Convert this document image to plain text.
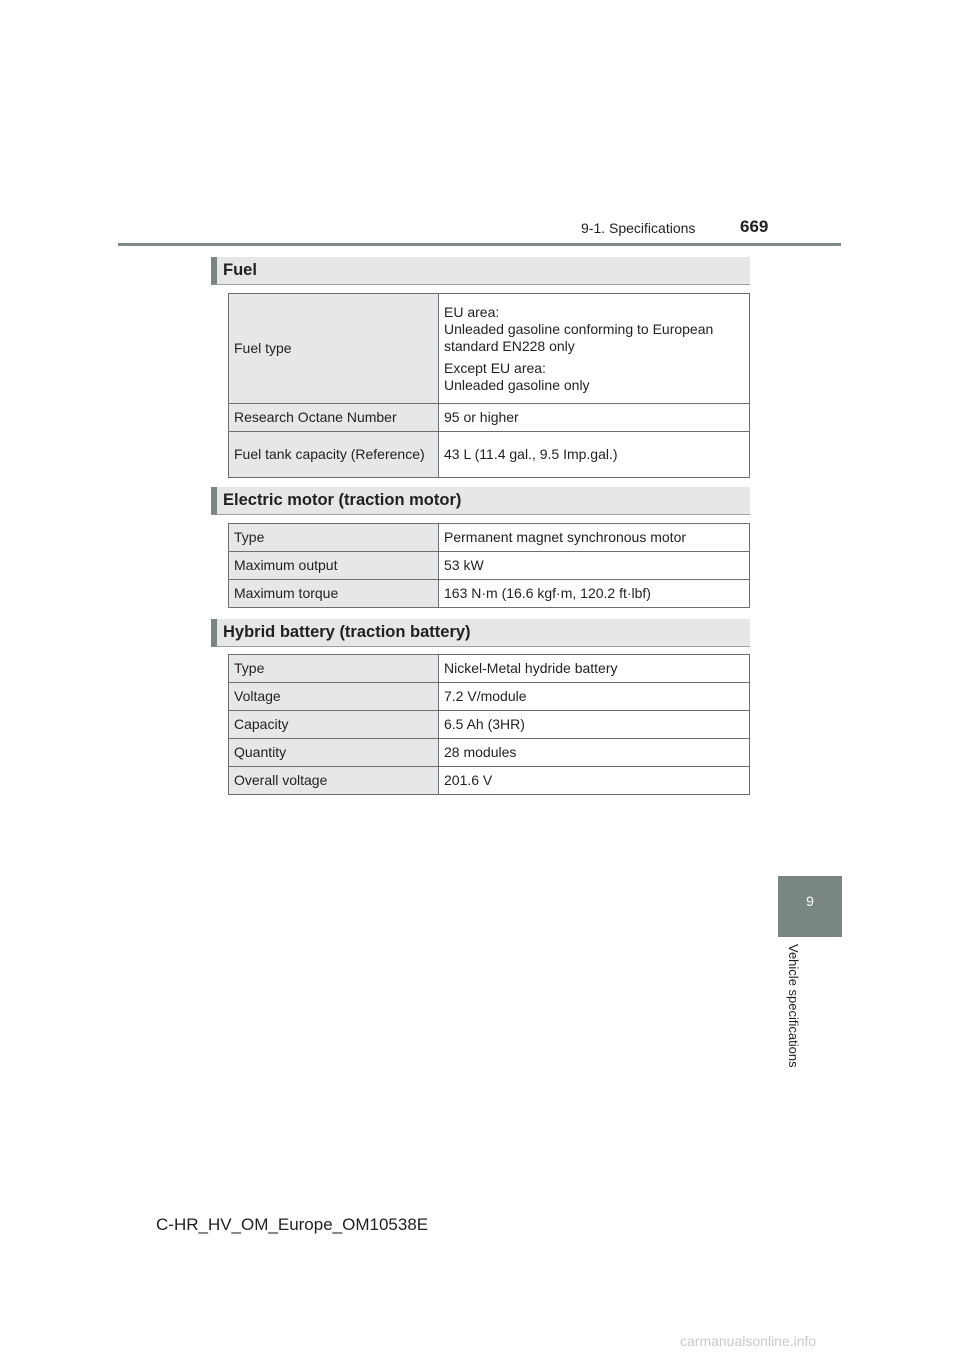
9-1. Specifications	669
Fuel
Fuel type	EU area:
Unleaded gasoline conforming to European standard EN228 only
Except EU area:
Unleaded gasoline only

Research Octane Number	95 or higher
Fuel tank capacity (Reference)	43 L (11.4 gal., 9.5 Imp.gal.)
Electric motor (traction motor)
Type	Permanent magnet synchronous motor
Maximum output	53 kW
Maximum torque	163 N·m (16.6 kgf·m, 120.2 ft·lbf)
Hybrid battery (traction battery)
Type	Nickel-Metal hydride battery
Voltage	7.2 V/module
Capacity	6.5 Ah (3HR)
Quantity	28 modules
Overall voltage	201.6 V
9
Vehicle specifications
C-HR_HV_OM_Europe_OM10538E
carmanualsonline.info
